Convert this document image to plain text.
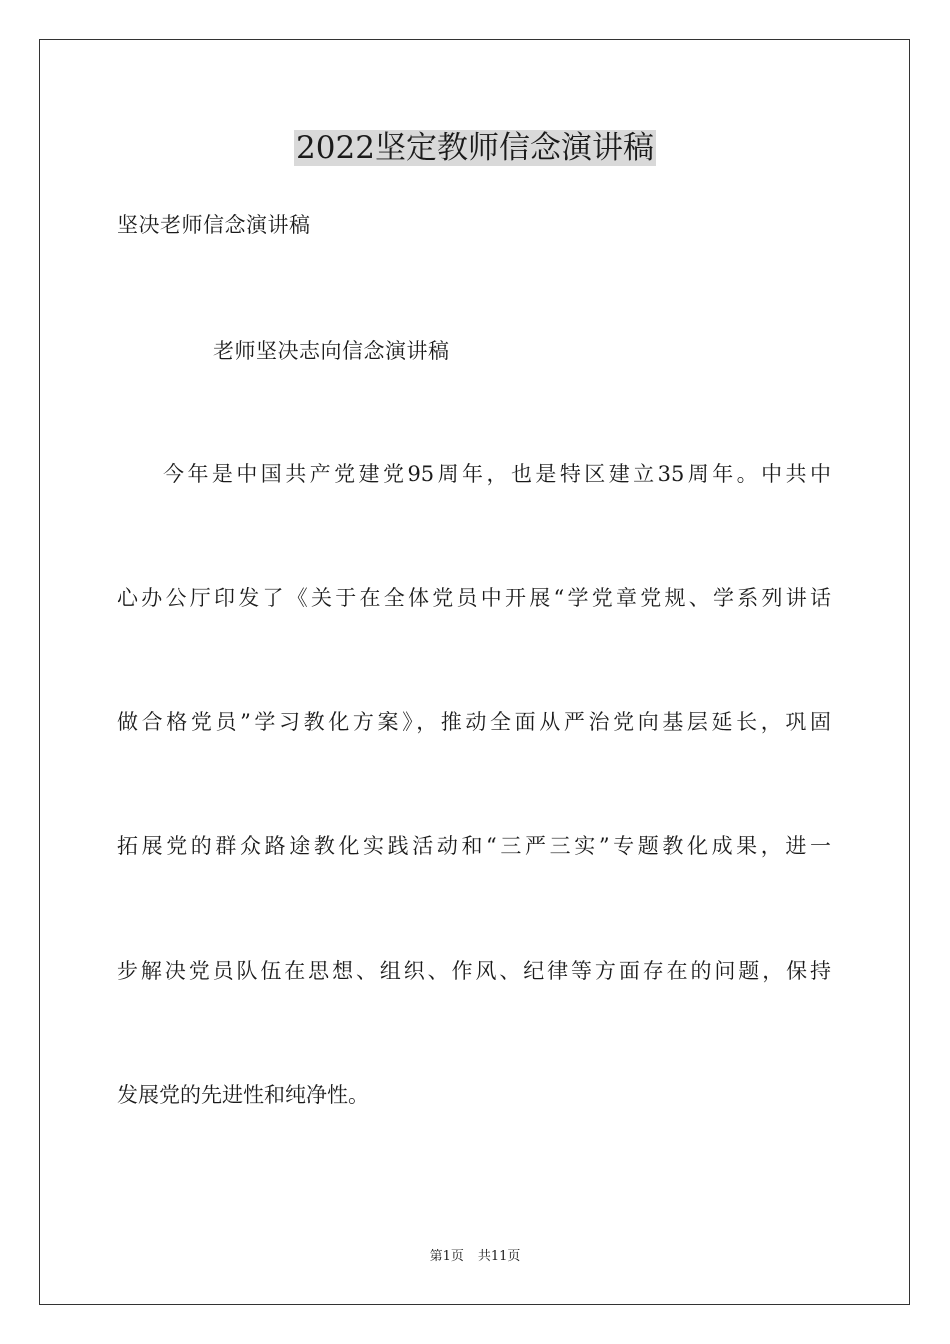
2022坚定教师信念演讲稿
坚决老师信念演讲稿
老师坚决志向信念演讲稿
今年是中国共产党建党95周年，也是特区建立35周年。中共中
心办公厅印发了《关于在全体党员中开展“学党章党规、学系列讲话
做合格党员”学习教化方案》，推动全面从严治党向基层延长，巩固
拓展党的群众路途教化实践活动和“三严三实”专题教化成果，进一
步解决党员队伍在思想、组织、作风、纪律等方面存在的问题，保持
发展党的先进性和纯净性。
第1页 共11页
